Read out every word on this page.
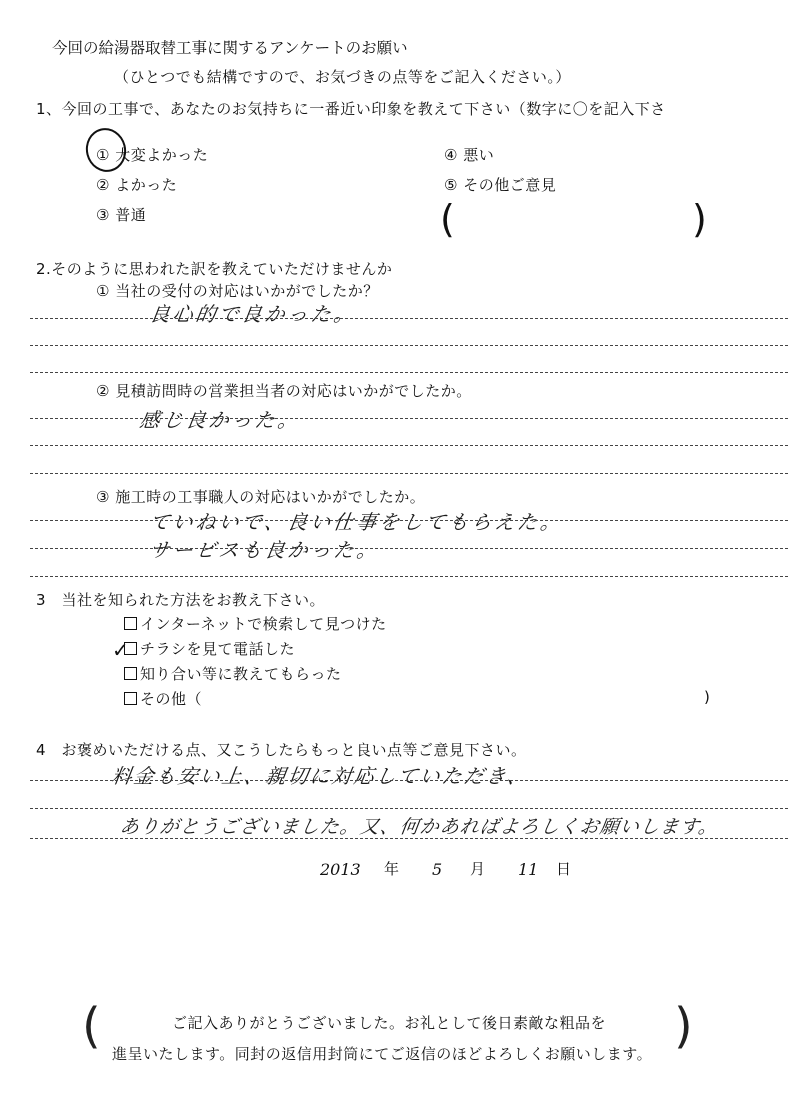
今回の給湯器取替工事に関するアンケートのお願い
（ひとつでも結構ですので、お気づきの点等をご記入ください。）
1、今回の工事で、あなたのお気持ちに一番近い印象を教えて下さい（数字に〇を記入下さ
① 大変よかった
② よかった
③ 普通
④ 悪い
⑤ その他ご意見
(	)
2.そのように思われた訳を教えていただけませんか
① 当社の受付の対応はいかがでしたか？
良心的で良かった。
② 見積訪問時の営業担当者の対応はいかがでしたか。
感じ良かった。
③ 施工時の工事職人の対応はいかがでしたか。
ていねいで、良い仕事をしてもらえた。
サービスも良かった。
3　当社を知られた方法をお教え下さい。
インターネットで検索して見つけた
✓ チラシを見て電話した
知り合い等に教えてもらった
その他（	)
4　お褒めいただける点、又こうしたらもっと良い点等ご意見下さい。
料金も安い上、親切に対応していただき、
ありがとうございました。又、何かあればよろしくお願いします。
2013 年 5 月 11 日
(	)
ご記入ありがとうございました。お礼として後日素敵な粗品を
進呈いたします。同封の返信用封筒にてご返信のほどよろしくお願いします。
